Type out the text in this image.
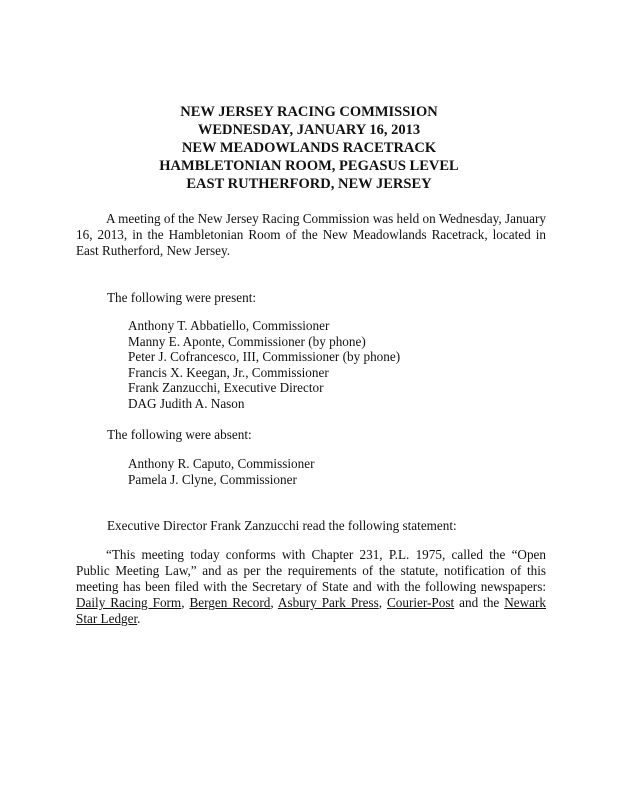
NEW JERSEY RACING COMMISSION
WEDNESDAY, JANUARY 16, 2013
NEW MEADOWLANDS RACETRACK
HAMBLETONIAN ROOM, PEGASUS LEVEL
EAST RUTHERFORD, NEW JERSEY

A meeting of the New Jersey Racing Commission was held on Wednesday, January 16, 2013, in the Hambletonian Room of the New Meadowlands Racetrack, located in East Rutherford, New Jersey.

The following were present:
Anthony T. Abbatiello, Commissioner
Manny E. Aponte, Commissioner (by phone)
Peter J. Cofrancesco, III, Commissioner (by phone)
Francis X. Keegan, Jr., Commissioner
Frank Zanzucchi, Executive Director
DAG Judith A. Nason
The following were absent:
Anthony R. Caputo, Commissioner
Pamela J. Clyne, Commissioner
Executive Director Frank Zanzucchi read the following statement:

“This meeting today conforms with Chapter 231, P.L. 1975, called the “Open Public Meeting Law,” and as per the requirements of the statute, notification of this meeting has been filed with the Secretary of State and with the following newspapers: Daily Racing Form, Bergen Record, Asbury Park Press, Courier-Post and the Newark Star Ledger.
